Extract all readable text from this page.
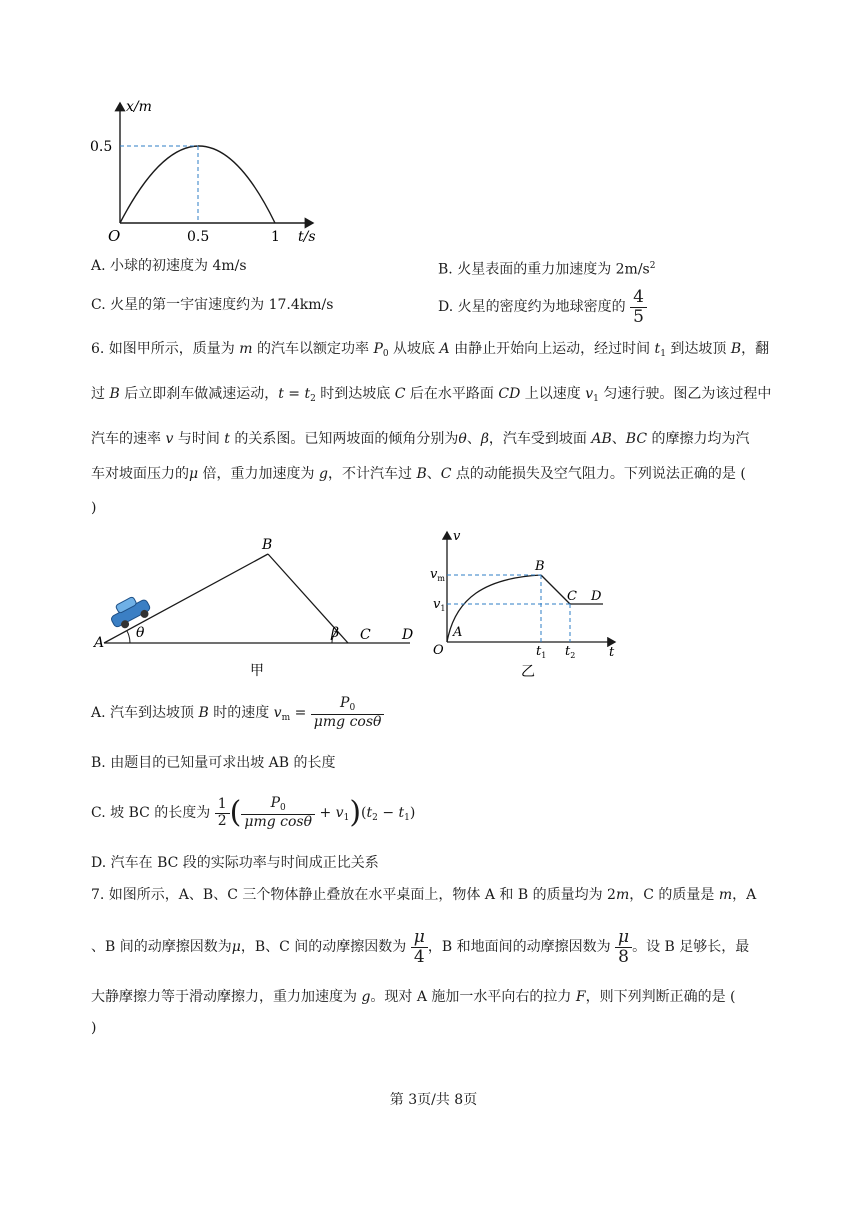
x/m
t/s
O
0.5
0.5	1
A. 小球的初速度为 4m/s	B. 火星表面的重力加速度为 $2m/s^2$
C. 火星的第一宇宙速度约为 17.4km/s	D. 火星的密度约为地球密度的 $\frac{4}{5}$
6. 如图甲所示，质量为 m 的汽车以额定功率 $P_0$ 从坡底 A 由静止开始向上运动，经过时间 $t_1$ 到达坡顶 B，翻
过 B 后立即刹车做减速运动，$t = t_2$ 时到达坡底 C 后在水平路面 CD 上以速度 $v_1$ 匀速行驶。图乙为该过程中
汽车的速率 v 与时间 t 的关系图。已知两坡面的倾角分别为θ、β，汽车受到坡面 AB、BC 的摩擦力均为汽
车对坡面压力的μ 倍，重力加速度为 g，不计汽车过 B、C 点的动能损失及空气阻力。下列说法正确的是 (
)
A
B
C D
θ	β
甲
v
t
O
A
B
C D
$v_m$
$v_1$
$t_1$ $t_2$
乙
A. 汽车到达坡顶 B 时的速度 $v_m = \frac{P_0}{\text{μmg cosθ}}$
B. 由题目的已知量可求出坡 AB 的长度
C. 坡 BC 的长度为 $\frac{1}{2}$ ( $\frac{P_0}{\text{μmg cosθ}} + v_1)(t_2 - t_1)$
D. 汽车在 BC 段的实际功率与时间成正比关系
7. 如图所示，A、B、C 三个物体静止叠放在水平桌面上，物体 A 和 B 的质量均为 2m，C 的质量是 m，A
、B 间的动摩擦因数为μ，B、C 间的动摩擦因数为 $\frac{\mu}{4}$ ，B 和地面间的动摩擦因数为 $\frac{\mu}{8}$ 。设 B 足够长，最
大静摩擦力等于滑动摩擦力，重力加速度为 g。现对 A 施加一水平向右的拉力 F，则下列判断正确的是 (
)
第 3页/共 8页
